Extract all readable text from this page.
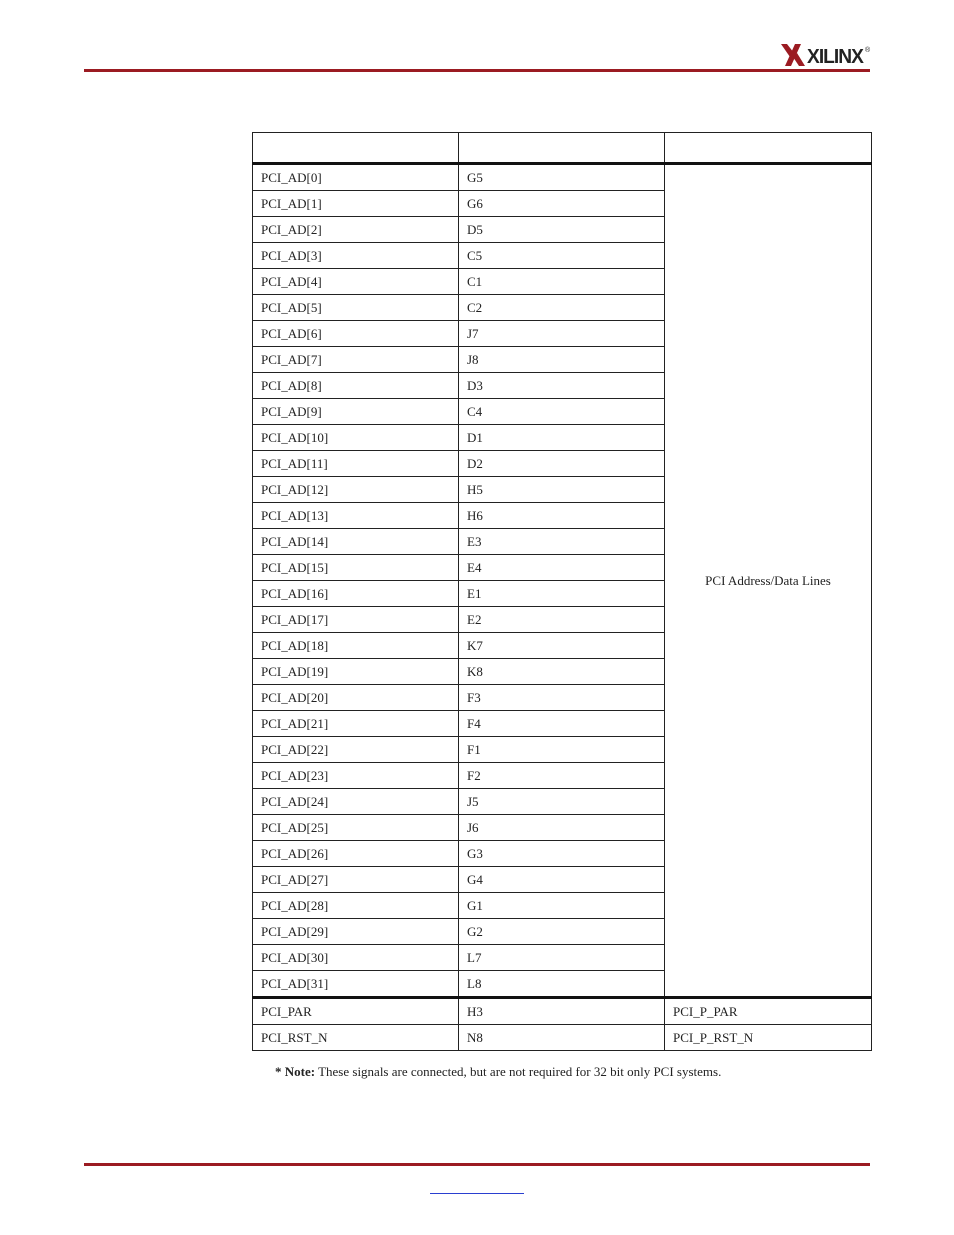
XILINX ®

PCI_AD[0]	G5	PCI Address/Data Lines
PCI_AD[1]	G6	
PCI_AD[2]	D5	
PCI_AD[3]	C5	
PCI_AD[4]	C1	
PCI_AD[5]	C2	
PCI_AD[6]	J7	
PCI_AD[7]	J8	
PCI_AD[8]	D3	
PCI_AD[9]	C4	
PCI_AD[10]	D1	
PCI_AD[11]	D2	
PCI_AD[12]	H5	
PCI_AD[13]	H6	
PCI_AD[14]	E3	
PCI_AD[15]	E4	
PCI_AD[16]	E1	
PCI_AD[17]	E2	
PCI_AD[18]	K7	
PCI_AD[19]	K8	
PCI_AD[20]	F3	
PCI_AD[21]	F4	
PCI_AD[22]	F1	
PCI_AD[23]	F2	
PCI_AD[24]	J5	
PCI_AD[25]	J6	
PCI_AD[26]	G3	
PCI_AD[27]	G4	
PCI_AD[28]	G1	
PCI_AD[29]	G2	
PCI_AD[30]	L7	
PCI_AD[31]	L8	
PCI_PAR	H3	PCI_P_PAR
PCI_RST_N	N8	PCI_P_RST_N
* Note: These signals are connected, but are not required for 32 bit only PCI systems.
